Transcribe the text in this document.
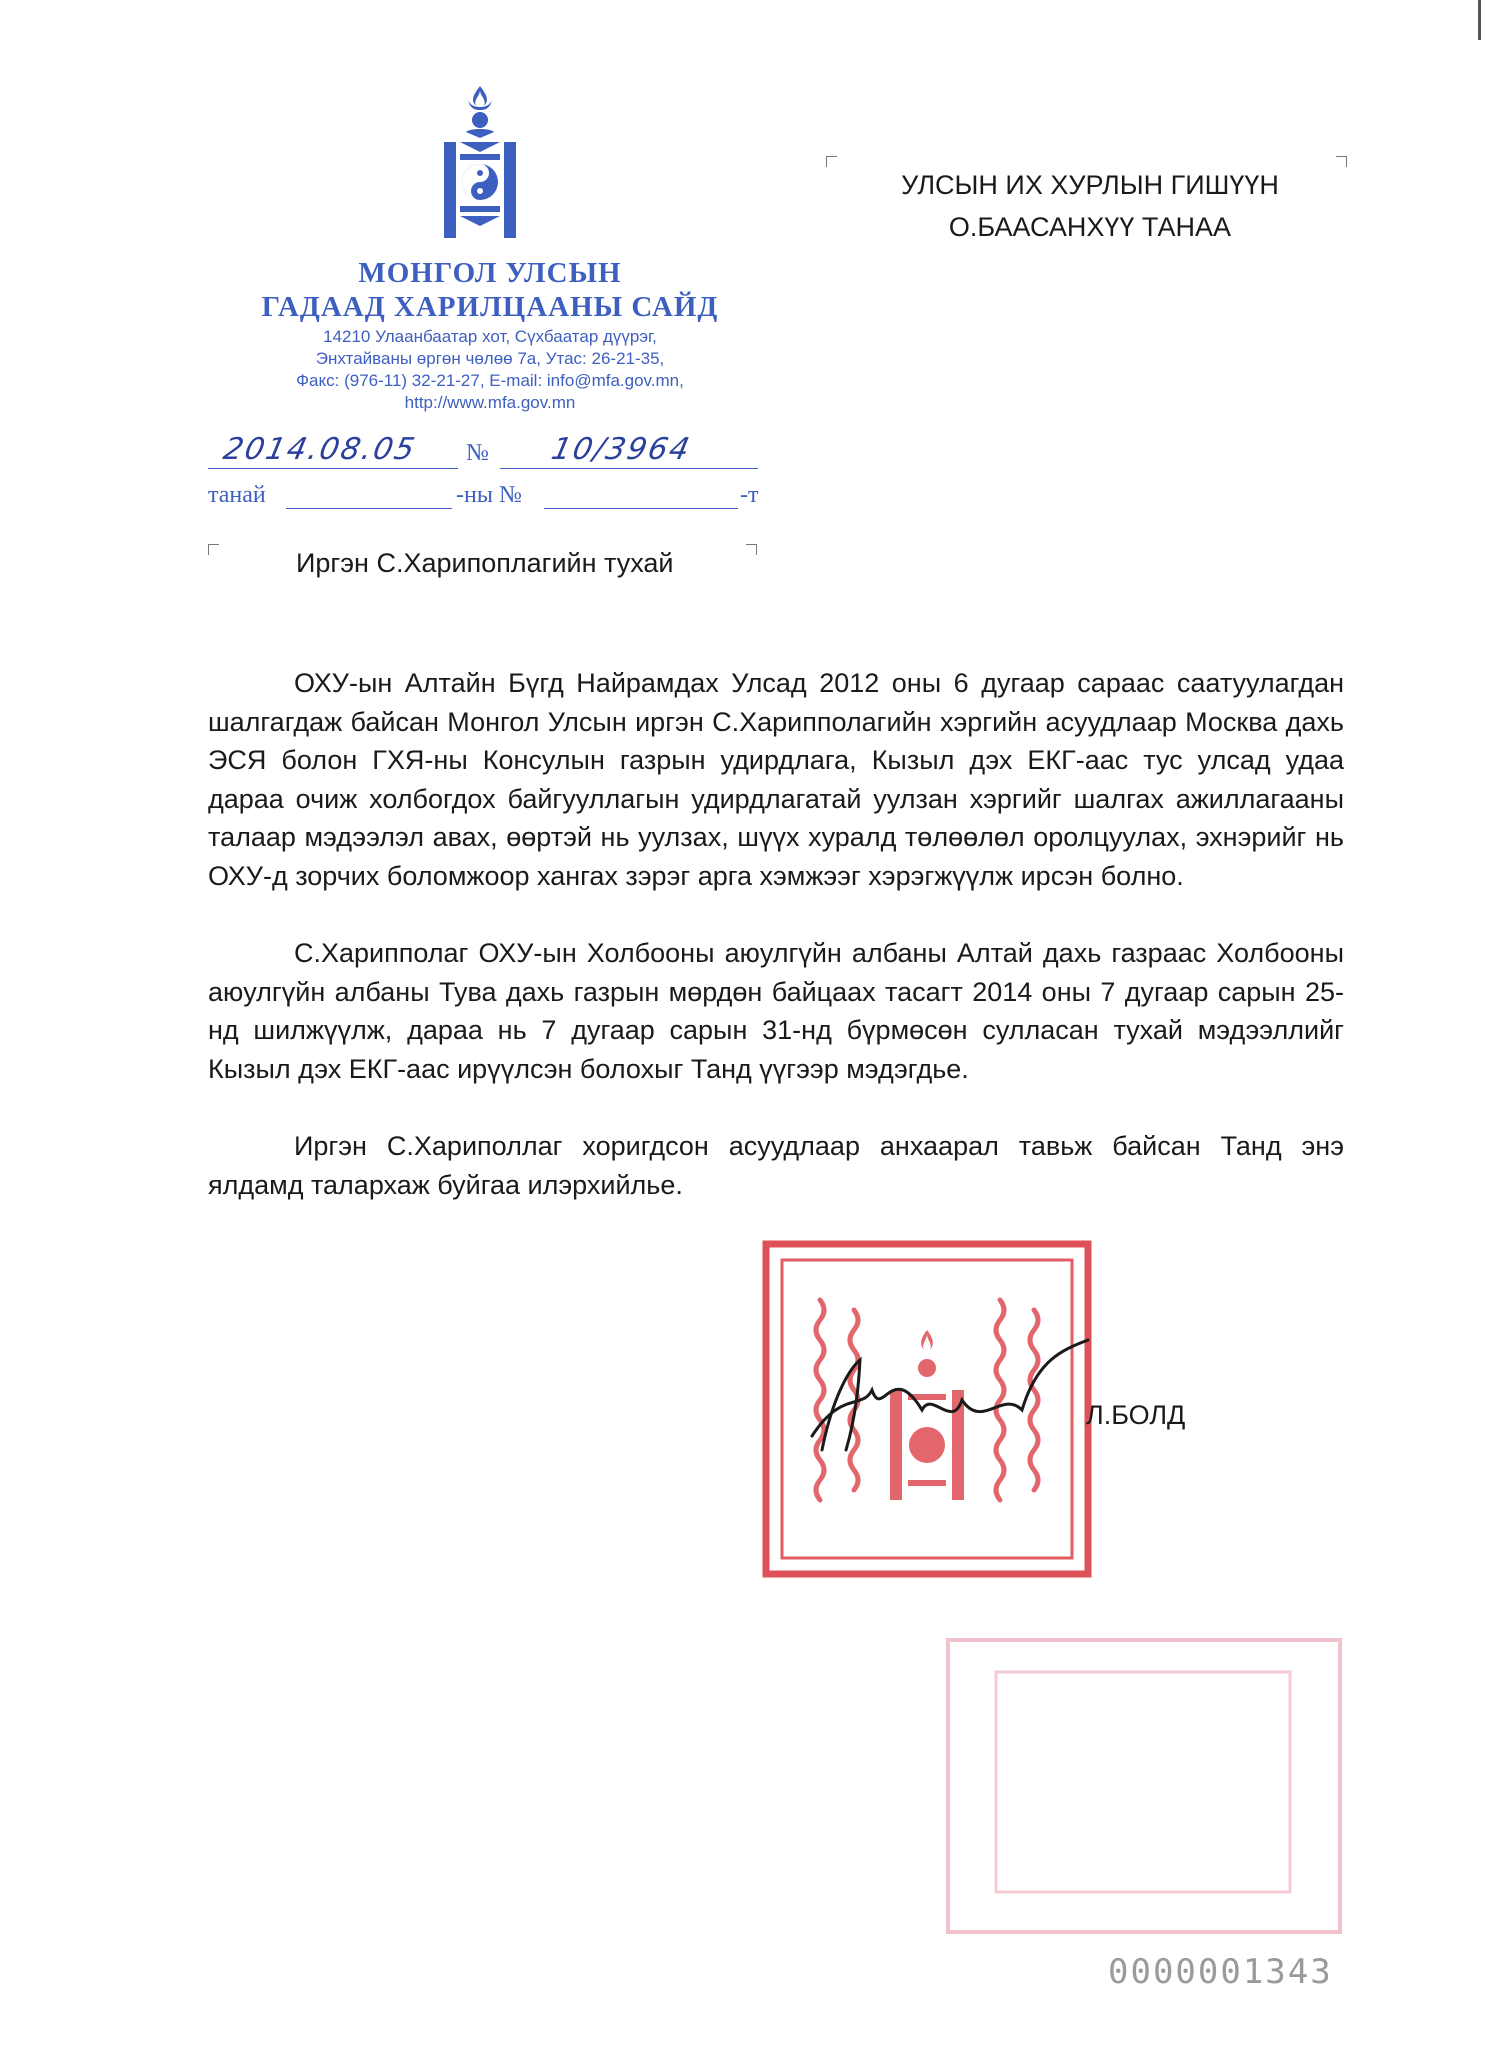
МОНГОЛ УЛСЫН
ГАДААД ХАРИЛЦААНЫ САЙД
14210 Улаанбаатар хот, Сүхбаатар дүүрэг,
Энхтайваны өргөн чөлөө 7а, Утас: 26-21-35,
Факс: (976-11) 32-21-27, E-mail: info@mfa.gov.mn,
http://www.mfa.gov.mn
2014.08.05 № 10/3964
танай	-ны №	-т
Иргэн С.Харипоплагийн тухай
УЛСЫН ИХ ХУРЛЫН ГИШҮҮН
О.БААСАНХҮҮ ТАНАА

ОХУ-ын Алтайн Бүгд Найрамдах Улсад 2012 оны 6 дугаар сараас саатуулагдан шалгагдаж байсан Монгол Улсын иргэн С.Харипполагийн хэргийн асуудлаар Москва дахь ЭСЯ болон ГХЯ-ны Консулын газрын удирдлага, Кызыл дэх ЕКГ-аас тус улсад удаа дараа очиж холбогдох байгууллагын удирдлагатай уулзан хэргийг шалгах ажиллагааны талаар мэдээлэл авах, өөртэй нь уулзах, шүүх хуралд төлөөлөл оролцуулах, эхнэрийг нь ОХУ-д зорчих боломжоор хангах зэрэг арга хэмжээг хэрэгжүүлж ирсэн болно.

С.Харипполаг ОХУ-ын Холбооны аюулгүйн албаны Алтай дахь газраас Холбооны аюулгүйн албаны Тува дахь газрын мөрдөн байцаах тасагт 2014 оны 7 дугаар сарын 25-нд шилжүүлж, дараа нь 7 дугаар сарын 31-нд бүрмөсөн сулласан тухай мэдээллийг Кызыл дэх ЕКГ-аас ирүүлсэн болохыг Танд үүгээр мэдэгдье.

Иргэн С.Хариполлаг хоригдсон асуудлаар анхаарал тавьж байсан Танд энэ ялдамд талархаж буйгаа илэрхийлье.

Л.БОЛД
0000001343
